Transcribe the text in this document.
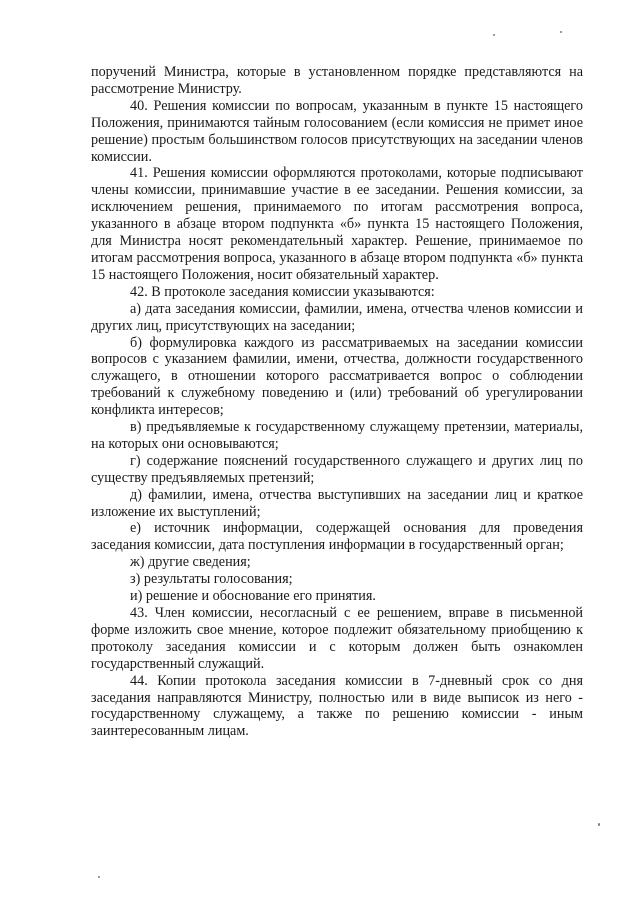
поручений Министра, которые в установленном порядке представляются на рассмотрение Министру.

40. Решения комиссии по вопросам, указанным в пункте 15 настоящего Положения, принимаются тайным голосованием (если комиссия не примет иное решение) простым большинством голосов присутствующих на заседании членов комиссии.

41. Решения комиссии оформляются протоколами, которые подписывают члены комиссии, принимавшие участие в ее заседании. Решения комиссии, за исключением решения, принимаемого по итогам рассмотрения вопроса, указанного в абзаце втором подпункта «б» пункта 15 настоящего Положения, для Министра носят рекомендательный характер. Решение, принимаемое по итогам рассмотрения вопроса, указанного в абзаце втором подпункта «б» пункта 15 настоящего Положения, носит обязательный характер.

42. В протоколе заседания комиссии указываются:

а) дата заседания комиссии, фамилии, имена, отчества членов комиссии и других лиц, присутствующих на заседании;

б) формулировка каждого из рассматриваемых на заседании комиссии вопросов с указанием фамилии, имени, отчества, должности государственного служащего, в отношении которого рассматривается вопрос о соблюдении требований к служебному поведению и (или) требований об урегулировании конфликта интересов;

в) предъявляемые к государственному служащему претензии, материалы, на которых они основываются;

г) содержание пояснений государственного служащего и других лиц по существу предъявляемых претензий;

д) фамилии, имена, отчества выступивших на заседании лиц и краткое изложение их выступлений;

е) источник информации, содержащей основания для проведения заседания комиссии, дата поступления информации в государственный орган;

ж) другие сведения;

з) результаты голосования;

и) решение и обоснование его принятия.

43. Член комиссии, несогласный с ее решением, вправе в письменной форме изложить свое мнение, которое подлежит обязательному приобщению к протоколу заседания комиссии и с которым должен быть ознакомлен государственный служащий.

44. Копии протокола заседания комиссии в 7-дневный срок со дня заседания направляются Министру, полностью или в виде выписок из него - государственному служащему, а также по решению комиссии - иным заинтересованным лицам.
